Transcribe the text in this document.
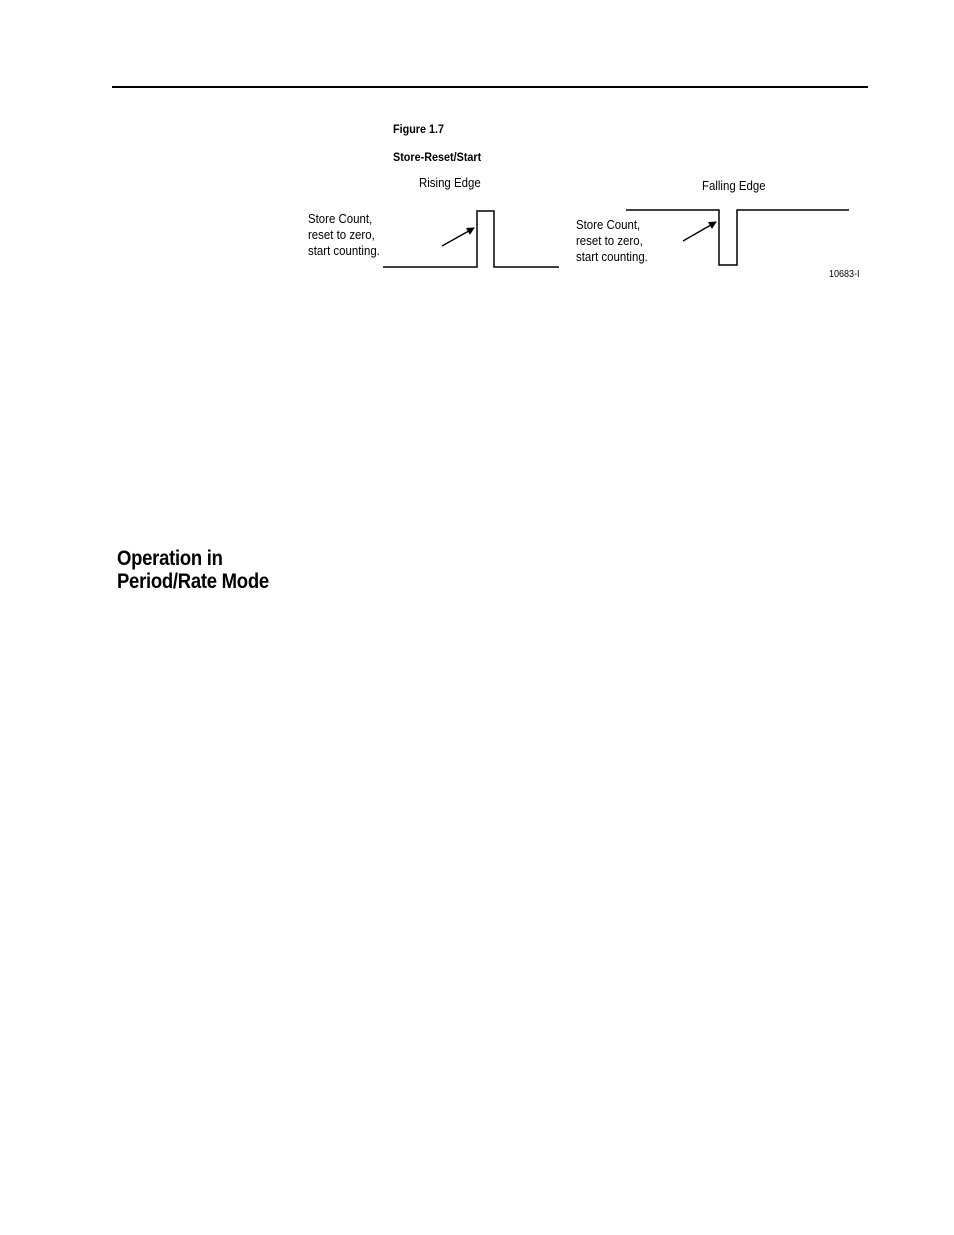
Figure 1.7
Store-Reset/Start
Rising Edge
Store Count,
reset to zero,
start counting.
Falling Edge
Store Count,
reset to zero,
start counting.
10683-I
Operation in
Period/Rate Mode
